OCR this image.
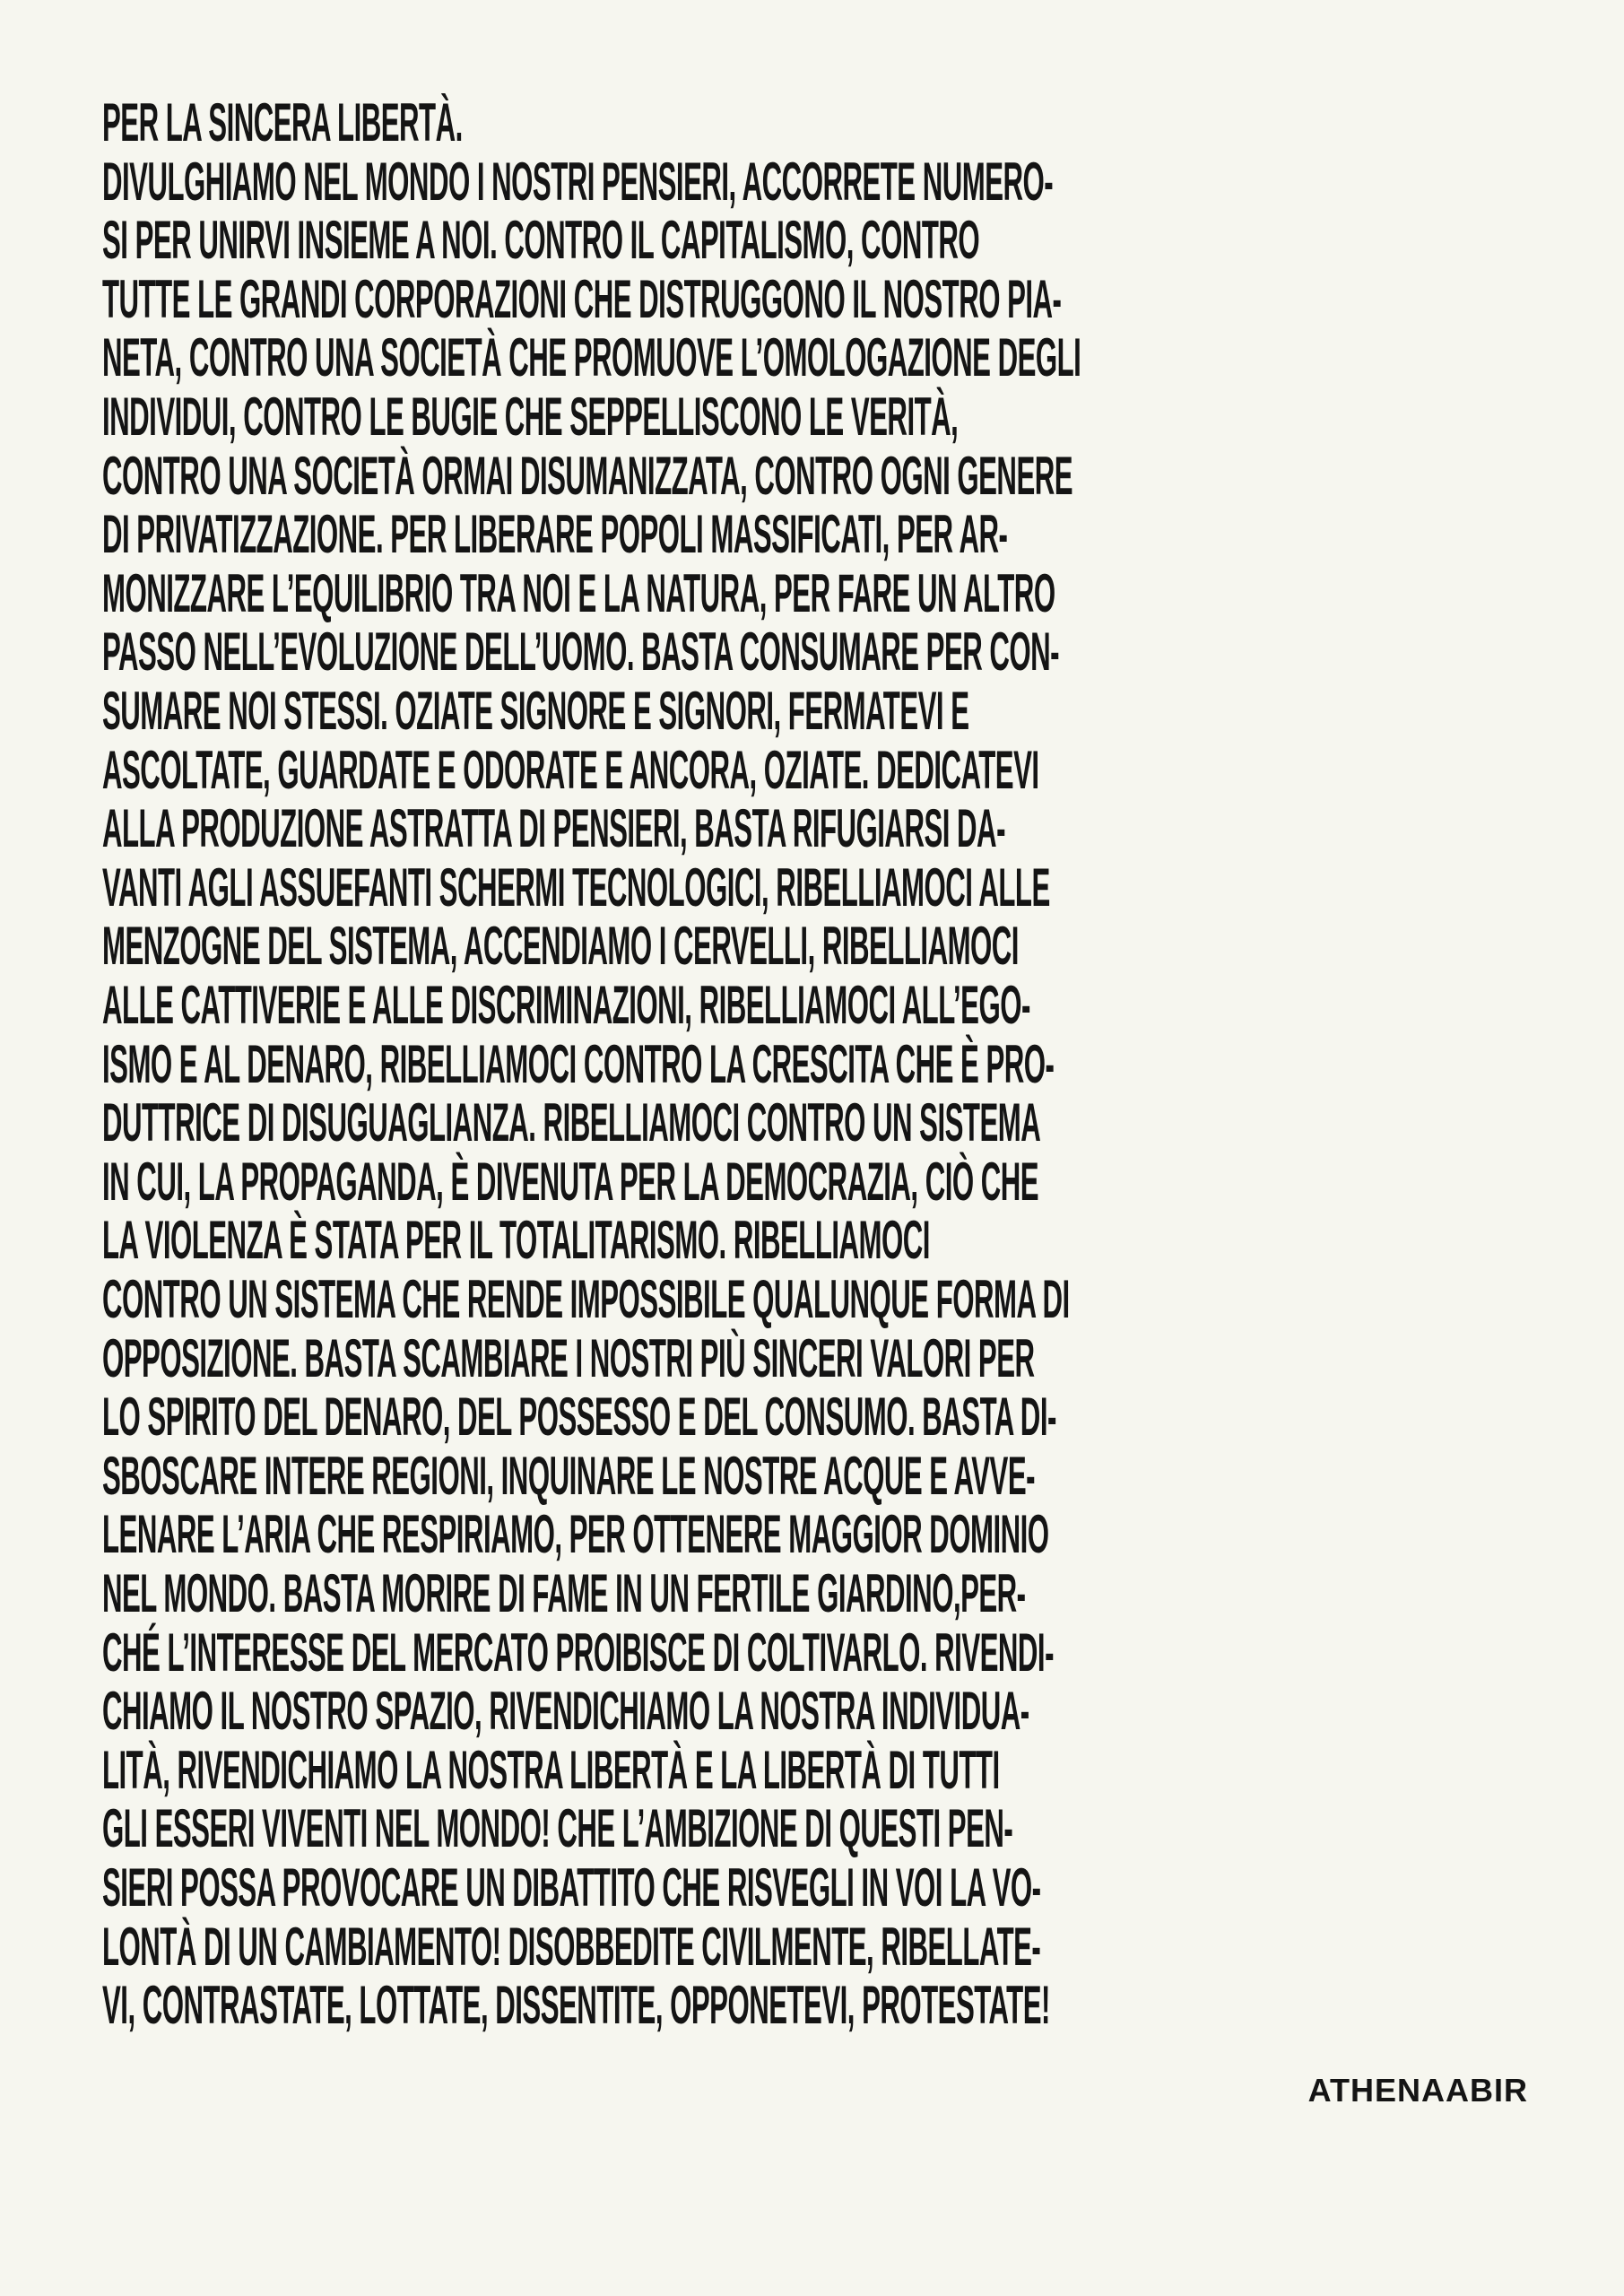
PER LA SINCERA LIBERTÀ.
DIVULGHIAMO NEL MONDO I NOSTRI PENSIERI, ACCORRETE NUMERO-
SI PER UNIRVI INSIEME A NOI. CONTRO IL CAPITALISMO, CONTRO
TUTTE LE GRANDI CORPORAZIONI CHE DISTRUGGONO IL NOSTRO PIA-
NETA, CONTRO UNA SOCIETÀ CHE PROMUOVE L’OMOLOGAZIONE DEGLI
INDIVIDUI, CONTRO LE BUGIE CHE SEPPELLISCONO LE VERITÀ,
CONTRO UNA SOCIETÀ ORMAI DISUMANIZZATA, CONTRO OGNI GENERE
DI PRIVATIZZAZIONE. PER LIBERARE POPOLI MASSIFICATI, PER AR-
MONIZZARE L’EQUILIBRIO TRA NOI E LA NATURA, PER FARE UN ALTRO
PASSO NELL’EVOLUZIONE DELL’UOMO. BASTA CONSUMARE PER CON-
SUMARE NOI STESSI. OZIATE SIGNORE E SIGNORI, FERMATEVI E
ASCOLTATE, GUARDATE E ODORATE E ANCORA, OZIATE. DEDICATEVI
ALLA PRODUZIONE ASTRATTA DI PENSIERI, BASTA RIFUGIARSI DA-
VANTI AGLI ASSUEFANTI SCHERMI TECNOLOGICI, RIBELLIAMOCI ALLE
MENZOGNE DEL SISTEMA, ACCENDIAMO I CERVELLI, RIBELLIAMOCI
ALLE CATTIVERIE E ALLE DISCRIMINAZIONI, RIBELLIAMOCI ALL’EGO-
ISMO E AL DENARO, RIBELLIAMOCI CONTRO LA CRESCITA CHE È PRO-
DUTTRICE DI DISUGUAGLIANZA. RIBELLIAMOCI CONTRO UN SISTEMA
IN CUI, LA PROPAGANDA, È DIVENUTA PER LA DEMOCRAZIA, CIÒ CHE
LA VIOLENZA È STATA PER IL TOTALITARISMO. RIBELLIAMOCI
CONTRO UN SISTEMA CHE RENDE IMPOSSIBILE QUALUNQUE FORMA DI
OPPOSIZIONE. BASTA SCAMBIARE I NOSTRI PIÙ SINCERI VALORI PER
LO SPIRITO DEL DENARO, DEL POSSESSO E DEL CONSUMO. BASTA DI-
SBOSCARE INTERE REGIONI, INQUINARE LE NOSTRE ACQUE E AVVE-
LENARE L’ARIA CHE RESPIRIAMO, PER OTTENERE MAGGIOR DOMINIO
NEL MONDO. BASTA MORIRE DI FAME IN UN FERTILE GIARDINO,PER-
CHÉ L’INTERESSE DEL MERCATO PROIBISCE DI COLTIVARLO. RIVENDI-
CHIAMO IL NOSTRO SPAZIO, RIVENDICHIAMO LA NOSTRA INDIVIDUA-
LITÀ, RIVENDICHIAMO LA NOSTRA LIBERTÀ E LA LIBERTÀ DI TUTTI
GLI ESSERI VIVENTI NEL MONDO! CHE L’AMBIZIONE DI QUESTI PEN-
SIERI POSSA PROVOCARE UN DIBATTITO CHE RISVEGLI IN VOI LA VO-
LONTÀ DI UN CAMBIAMENTO! DISOBBEDITE CIVILMENTE, RIBELLATE-
VI, CONTRASTATE, LOTTATE, DISSENTITE, OPPONETEVI, PROTESTATE!
ATHENAABIR
